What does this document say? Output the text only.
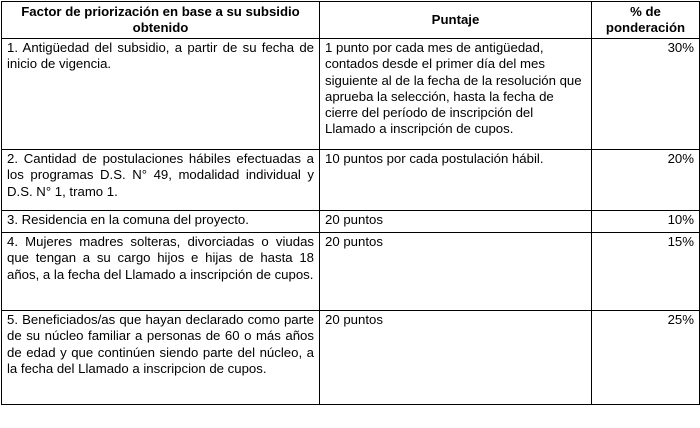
Factor de priorización en base a su subsidio obtenido	Puntaje	% de ponderación
1. Antigüedad del subsidio, a partir de su fecha de inicio de vigencia.	1 punto por cada mes de antigüedad, contados desde el primer día del mes siguiente al de la fecha de la resolución que aprueba la selección, hasta la fecha de cierre del período de inscripción del Llamado a inscripción de cupos.	30%
2. Cantidad de postulaciones hábiles efectuadas a los programas D.S. N° 49, modalidad individual y D.S. N° 1, tramo 1.	10 puntos por cada postulación hábil.	20%
3. Residencia en la comuna del proyecto.	20 puntos	10%
4. Mujeres madres solteras, divorciadas o viudas que tengan a su cargo hijos e hijas de hasta 18 años, a la fecha del Llamado a inscripción de cupos.	20 puntos	15%
5. Beneficiados/as que hayan declarado como parte de su núcleo familiar a personas de 60 o más años de edad y que continúen siendo parte del núcleo, a la fecha del Llamado a inscripcion de cupos.	20 puntos	25%
